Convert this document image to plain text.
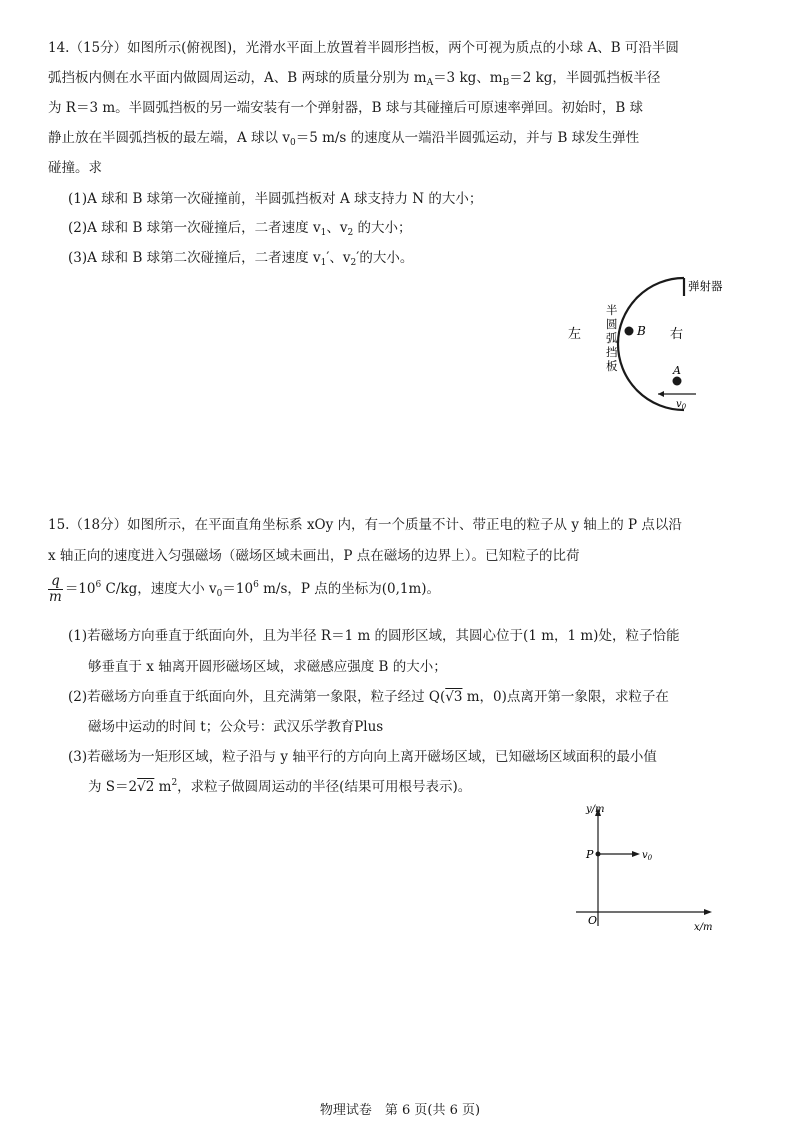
14.（15分）如图所示(俯视图)，光滑水平面上放置着半圆形挡板，两个可视为质点的小球 A、B 可沿半圆
弧挡板内侧在水平面内做圆周运动，A、B 两球的质量分别为 $m_A=3$ kg、$m_B=2$ kg，半圆弧挡板半径
为 R＝3 m。半圆弧挡板的另一端安装有一个弹射器，B 球与其碰撞后可原速率弹回。初始时，B 球
静止放在半圆弧挡板的最左端，A 球以 $v_0=5$ m/s 的速度从一端沿半圆弧运动，并与 B 球发生弹性
碰撞。求
(1)A 球和 B 球第一次碰撞前，半圆弧挡板对 A 球支持力 N 的大小；
(2)A 球和 B 球第一次碰撞后，二者速度 $v_1$、$v_2$ 的大小；
(3)A 球和 B 球第二次碰撞后，二者速度 $v_1'$、$v_2'$的大小。
弹射器
半
圆
弧
挡
板
左	右
B
A
$v_0$
15.（18分）如图所示，在平面直角坐标系 xOy 内，有一个质量不计、带正电的粒子从 y 轴上的 P 点以沿
x 轴正向的速度进入匀强磁场（磁场区域未画出，P 点在磁场的边界上）。已知粒子的比荷
$\frac{q}{m} =10^6$ C/kg，速度大小 $v_0=10^6$ m/s，P 点的坐标为(0,1m)。
(1)若磁场方向垂直于纸面向外，且为半径 R＝1 m 的圆形区域，其圆心位于(1 m，1 m)处，粒子恰能
够垂直于 x 轴离开圆形磁场区域，求磁感应强度 B 的大小；
(2)若磁场方向垂直于纸面向外，且充满第一象限，粒子经过 Q(√3 m，0)点离开第一象限，求粒子在
磁场中运动的时间 t；公众号：武汉乐学教育Plus
(3)若磁场为一矩形区域，粒子沿与 y 轴平行的方向向上离开磁场区域，已知磁场区域面积的最小值
为 S＝2√2 $m^2$，求粒子做圆周运动的半径(结果可用根号表示)。
y/m
x/m
O
P	$v_0$
物理试卷　第 6 页(共 6 页)
